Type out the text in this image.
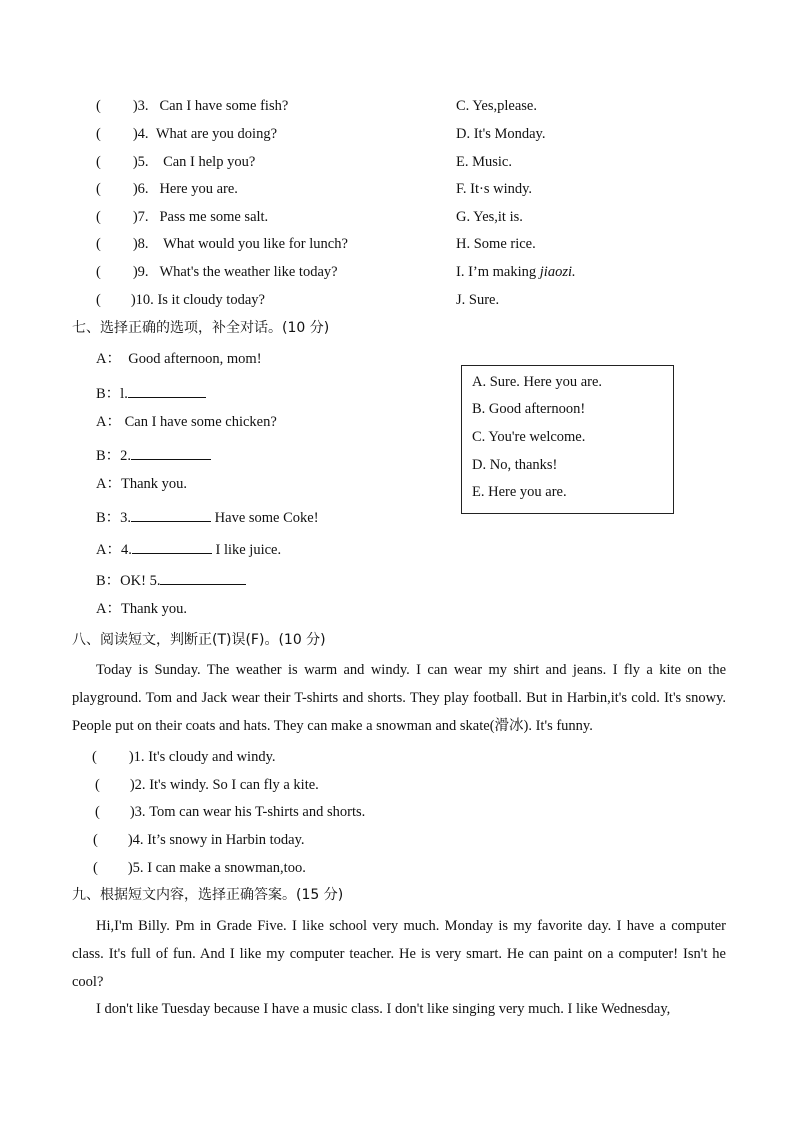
( )3. Can I have some fish?
( )4. What are you doing?
( )5. Can I help you?
( )6. Here you are.
( )7. Pass me some salt.
( )8. What would you like for lunch?
( )9. What's the weather like today?
( )10. Is it cloudy today?
C. Yes,please.
D. It's Monday.
E. Music.
F. It·s windy.
G. Yes,it is.
H. Some rice.
I. I’m making jiaozi.
J. Sure.
七、选择正确的选项，补全对话。(10 分)
A： Good afternoon, mom!
B：l.
A： Can I have some chicken?
B：2.
A：Thank you.
B：3.	Have some Coke!
A：4.	I like juice.
B：OK! 5.
A：Thank you.
A. Sure. Here you are.
B. Good afternoon!
C. You're welcome.
D. No, thanks!
E. Here you are.
八、阅读短文，判断正(T)误(F)。(10 分)
Today is Sunday. The weather is warm and windy. I can wear my shirt and jeans. I fly a kite on the playground. Tom and Jack wear their T-shirts and shorts. They play football. But in Harbin,it's cold. It's snowy. People put on their coats and hats. They can make a snowman and skate(滑冰). It's funny.
( )1. It's cloudy and windy.
( )2. It's windy. So I can fly a kite.
( )3. Tom can wear his T-shirts and shorts.
( )4. It’s snowy in Harbin today.
( )5. I can make a snowman,too.
九、根据短文内容，选择正确答案。(15 分)
Hi,I'm Billy. Pm in Grade Five. I like school very much. Monday is my favorite day. I have a computer class. It's full of fun. And I like my computer teacher. He is very smart. He can paint on a computer! Isn't he cool?
I don't like Tuesday because I have a music class. I don't like singing very much. I like Wednesday,
